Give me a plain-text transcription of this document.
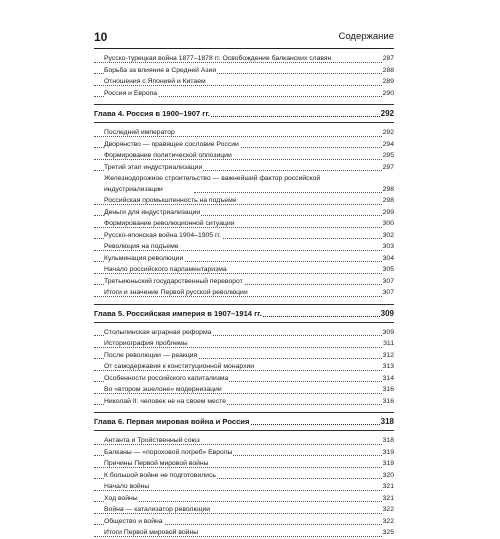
10	Содержание
Русско-турецкая война 1877–1878 гг. Освобождение балканских славян	287
Борьба за влияние в Средней Азии	288
Отношения с Японией и Китаем	289
Россия и Европа	290
Глава 4. Россия в 1900–1907 гг.	292
Последний император	292
Дворянство — правящее сословие России	294
Формирование политической оппозиции	295
Третий этап индустриализации	297
Железнодорожное строительство — важнейший фактор российской
индустриализации	298
Российская промышленность на подъеме	298
Деньги для индустриализации	299
Формирование революционной ситуации	300
Русско-японская война 1904–1905 гг.	302
Революция на подъеме	303
Кульминация революции	304
Начало российского парламентаризма	305
Третьиюньский государственный переворот	307
Итоги и значение Первой русской революции	307
Глава 5. Российская империя в 1907–1914 гг.	309
Столыпинская аграрная реформа	309
Историография проблемы	311
После революции — реакция	312
От самодержавия к конституционной монархии	313
Особенности российского капитализма	314
Во «втором эшелоне» модернизации	316
Николай II: человек не на своем месте	316
Глава 6. Первая мировая война и Россия	318
Антанта и Тройственный союз	318
Балканы — «пороховой погреб» Европы	319
Причины Первой мировой войны	319
К большой войне не подготовились	320
Начало войны	321
Ход войны	321
Война — катализатор революции	322
Общество и война	322
Итоги Первой мировой войны	325
